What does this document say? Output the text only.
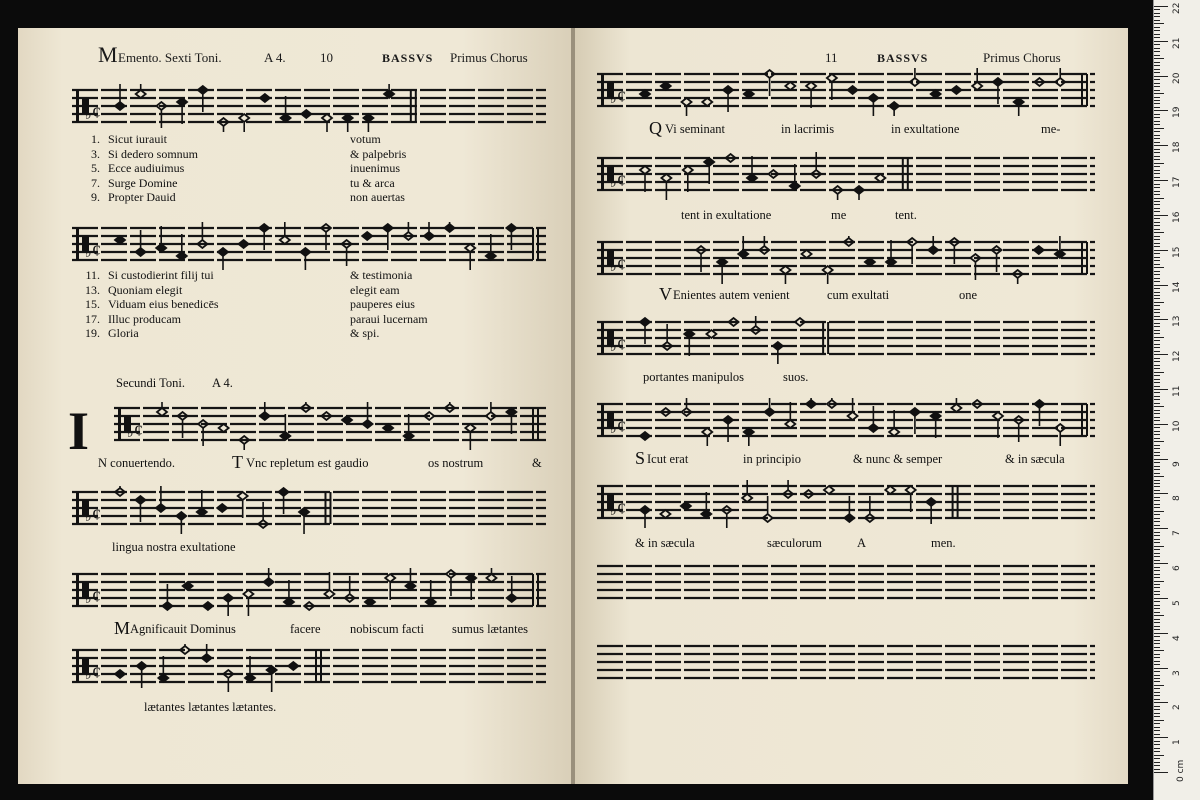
M Emento. Sexti Toni.	A 4.	10	BASSVS Primus Chorus
¢
♭
1. Sicut iurauit	votum
3. Si dedero somnum	& palpebris
5. Ecce audiuimus	inuenimus
7. Surge Domine	tu & arca
9. Propter Dauid	non auertas
¢
♭
11. Si custodierint filij tui	& testimonia
13. Quoniam elegit	elegit eam
15. Viduam eius benedicēs	pauperes eius
17. Illuc producam	paraui lucernam
19. Gloria	& spi.
Secundi Toni. A 4.
I ¢
♭
N conuertendo.	T Vnc repletum est gaudio	os nostrum	&
¢
♭
lingua nostra exultatione
¢
♭
M Agnificauit Dominus	facere nobiscum facti sumus lætantes
¢
♭
lætantes lætantes lætantes.
11	BASSVS	Primus Chorus
¢
♭
Q Vi seminant	in lacrimis	in exultatione	me-
¢
♭
tent in exultatione	me	tent.
¢
♭
V Enientes autem venient	cum exultati	one
¢
♭
portantes manipulos	suos.
¢
♭
S Icut erat	in principio	& nunc & semper	& in sæcula
¢
♭
& in sæcula	sæculorum	A	men.
1
2
3
4
5
6
7
8
9
10
11
12
13
14
15
16
17
18
19
20
21
22
0 cm
